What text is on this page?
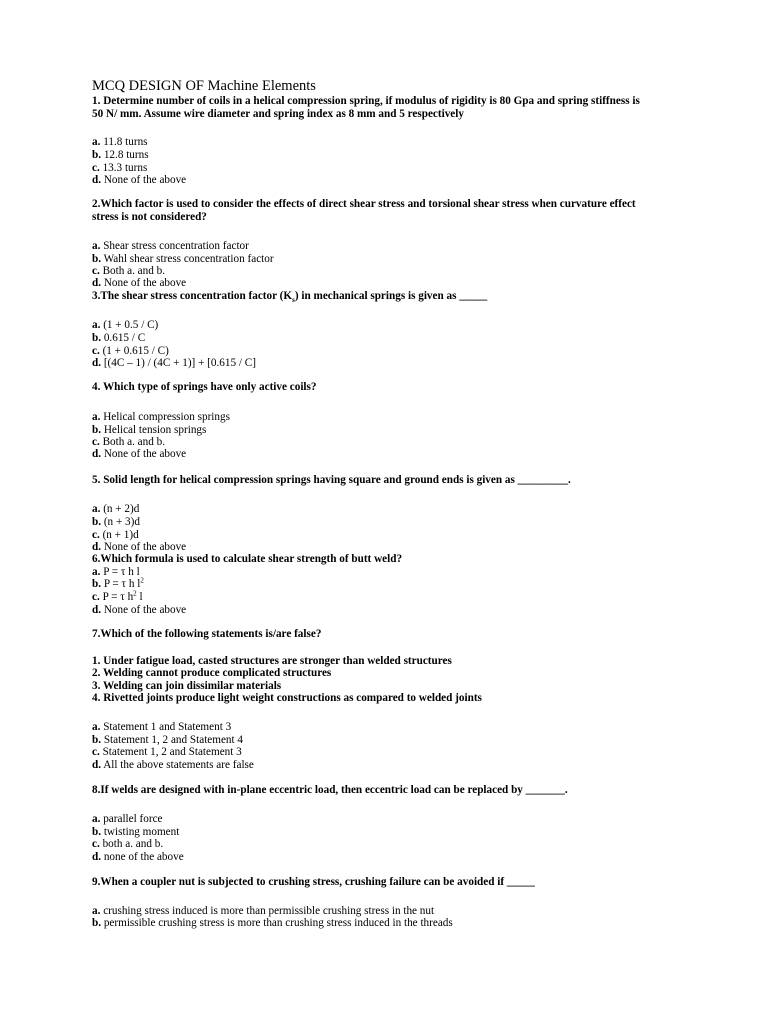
MCQ DESIGN OF Machine Elements
1. Determine number of coils in a helical compression spring, if modulus of rigidity is 80 Gpa and spring stiffness is
50 N/ mm. Assume wire diameter and spring index as 8 mm and 5 respectively
a. 11.8 turns
b. 12.8 turns
c. 13.3 turns
d. None of the above
2.Which factor is used to consider the effects of direct shear stress and torsional shear stress when curvature effect
stress is not considered?
a. Shear stress concentration factor
b. Wahl shear stress concentration factor
c. Both a. and b.
d. None of the above
3.The shear stress concentration factor $(K_s)$ in mechanical springs is given as _____
a. (1 + 0.5 / C)
b. 0.615 / C
c. (1 + 0.615 / C)
d. [(4C – 1) / (4C + 1)] + [0.615 / C]
4. Which type of springs have only active coils?
a. Helical compression springs
b. Helical tension springs
c. Both a. and b.
d. None of the above
5. Solid length for helical compression springs having square and ground ends is given as _________.
a. (n + 2)d
b. (n + 3)d
c. (n + 1)d
d. None of the above
6.Which formula is used to calculate shear strength of butt weld?
a. P = τ h l
b. P = τ h $l^2$
c. P = τ $h^2$ l
d. None of the above
7.Which of the following statements is/are false?
1. Under fatigue load, casted structures are stronger than welded structures
2. Welding cannot produce complicated structures
3. Welding can join dissimilar materials
4. Rivetted joints produce light weight constructions as compared to welded joints
a. Statement 1 and Statement 3
b. Statement 1, 2 and Statement 4
c. Statement 1, 2 and Statement 3
d. All the above statements are false
8.If welds are designed with in-plane eccentric load, then eccentric load can be replaced by _______.
a. parallel force
b. twisting moment
c. both a. and b.
d. none of the above
9.When a coupler nut is subjected to crushing stress, crushing failure can be avoided if _____
a. crushing stress induced is more than permissible crushing stress in the nut
b. permissible crushing stress is more than crushing stress induced in the threads
